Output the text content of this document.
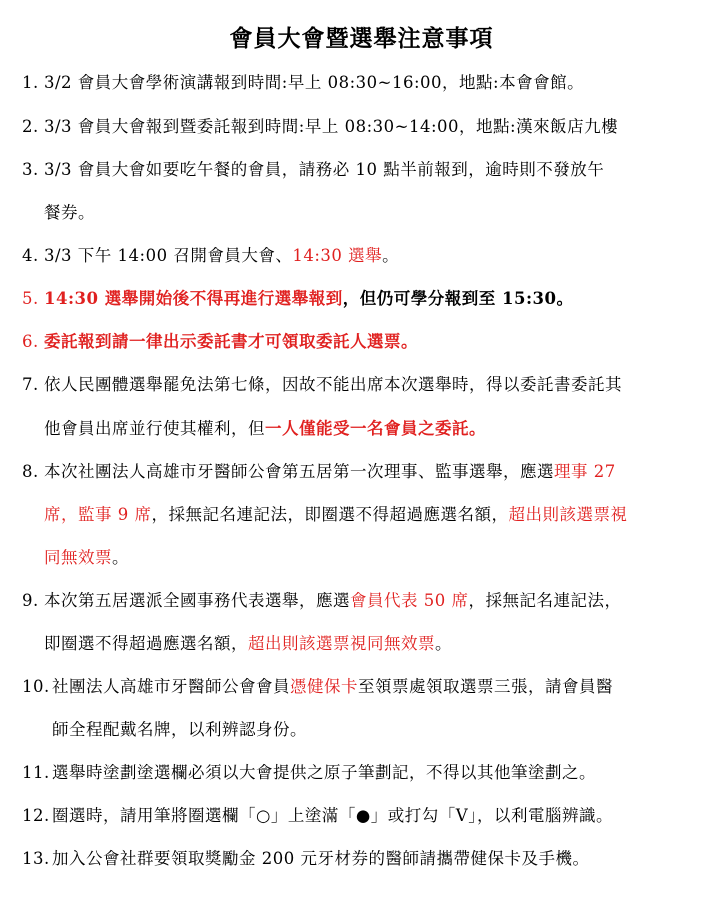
會員大會暨選舉注意事項
1. 3/2 會員大會學術演講報到時間:早上 08:30~16:00，地點:本會會館。
2. 3/3 會員大會報到暨委託報到時間:早上 08:30~14:00，地點:漢來飯店九樓
3. 3/3 會員大會如要吃午餐的會員，請務必 10 點半前報到，逾時則不發放午
餐券。
4. 3/3 下午 14:00 召開會員大會、14:30 選舉。
5. 14:30 選舉開始後不得再進行選舉報到，但仍可學分報到至 15:30。
6. 委託報到請一律出示委託書才可領取委託人選票。
7. 依人民團體選舉罷免法第七條，因故不能出席本次選舉時，得以委託書委託其
他會員出席並行使其權利，但一人僅能受一名會員之委託。
8. 本次社團法人高雄市牙醫師公會第五居第一次理事、監事選舉，應選理事 27
席，監事 9 席，採無記名連記法，即圈選不得超過應選名額，超出則該選票視
同無效票。
9. 本次第五居選派全國事務代表選舉，應選會員代表 50 席，採無記名連記法，
即圈選不得超過應選名額，超出則該選票視同無效票。
10. 社團法人高雄市牙醫師公會會員憑健保卡至領票處領取選票三張，請會員醫
師全程配戴名牌，以利辨認身份。
11. 選舉時塗劃塗選欄必須以大會提供之原子筆劃記，不得以其他筆塗劃之。
12. 圈選時，請用筆將圈選欄「○」上塗滿「●」或打勾「V」，以利電腦辨識。
13. 加入公會社群要領取獎勵金 200 元牙材券的醫師請攜帶健保卡及手機。
